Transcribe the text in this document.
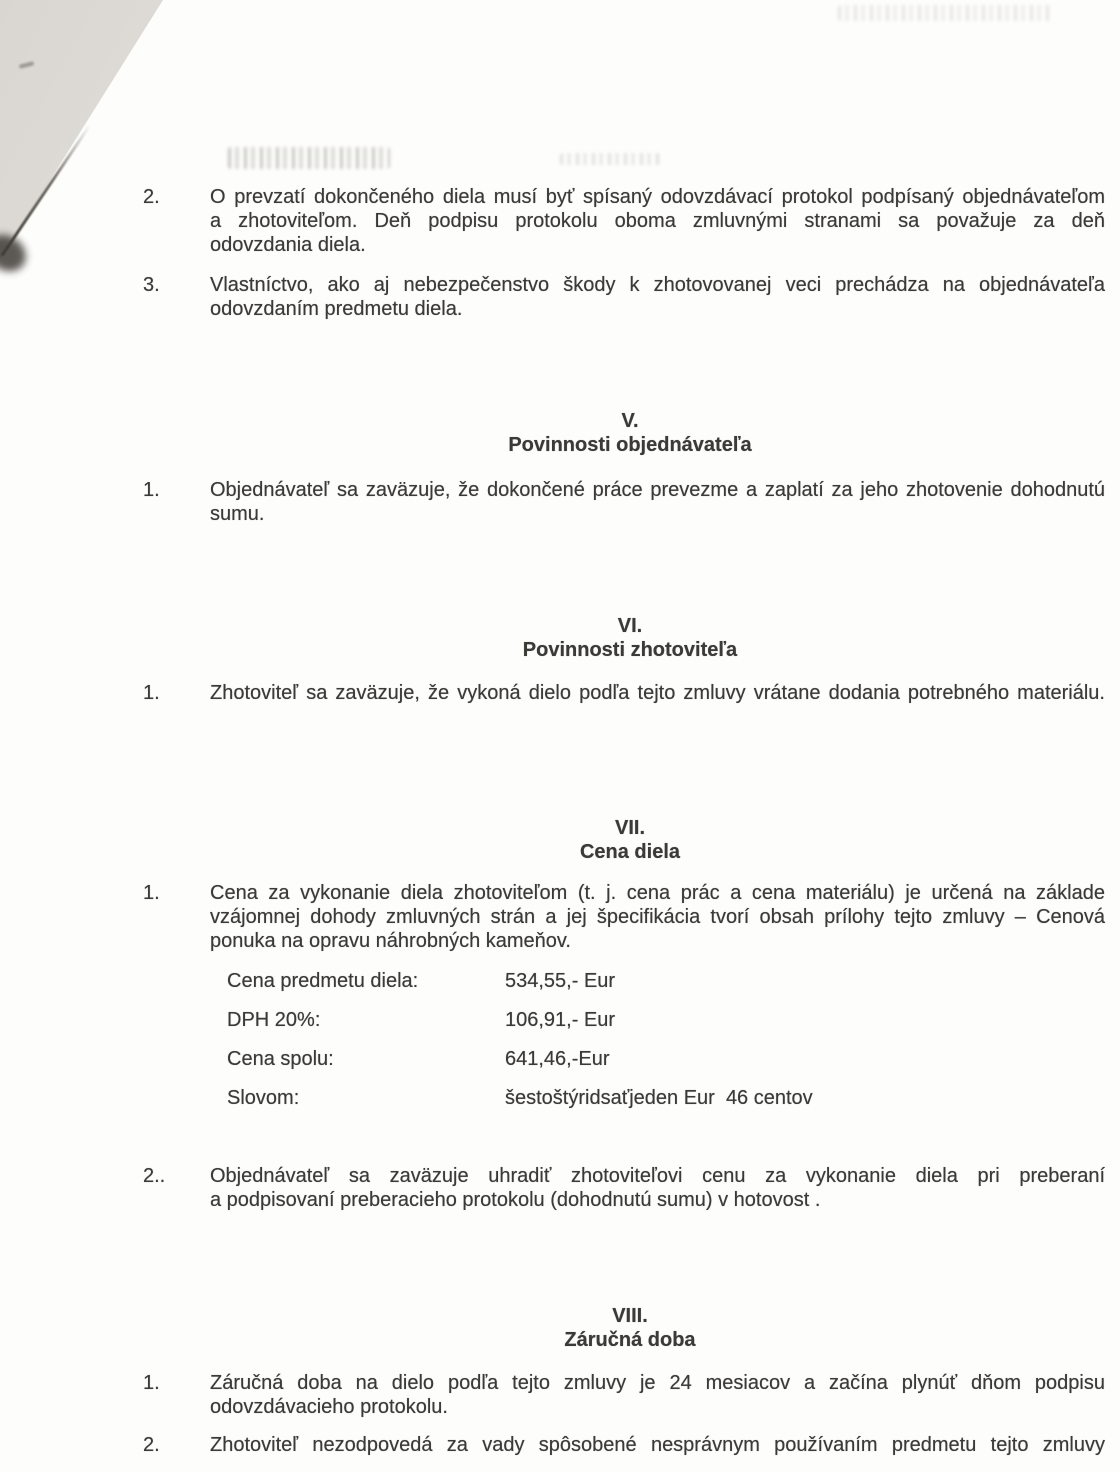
2.	O prevzatí dokončeného diela musí byť spísaný odovzdávací protokol podpísaný objednávateľom
a zhotoviteľom. Deň podpisu protokolu oboma zmluvnými stranami sa považuje za deň
odovzdania diela.
3.	Vlastníctvo, ako aj nebezpečenstvo škody k zhotovovanej veci prechádza na objednávateľa
odovzdaním predmetu diela.
V.
Povinnosti objednávateľa
1.	Objednávateľ sa zaväzuje, že dokončené práce prevezme a zaplatí za jeho zhotovenie dohodnutú
sumu.
VI.
Povinnosti zhotoviteľa
1.	Zhotoviteľ sa zaväzuje, že vykoná dielo podľa tejto zmluvy vrátane dodania potrebného materiálu.
VII.
Cena diela
1.	Cena za vykonanie diela zhotoviteľom (t. j. cena prác a cena materiálu) je určená na základe
vzájomnej dohody zmluvných strán a jej špecifikácia tvorí obsah prílohy tejto zmluvy – Cenová
ponuka na opravu náhrobných kameňov.
Cena predmetu diela:	534,55,- Eur
DPH 20%:	106,91,- Eur
Cena spolu:	641,46,-Eur
Slovom:	šestoštýridsaťjeden Eur  46 centov
2.. Objednávateľ sa zaväzuje uhradiť zhotoviteľovi cenu za vykonanie diela pri preberaní
a podpisovaní preberacieho protokolu (dohodnutú sumu) v hotovost .
VIII.
Záručná doba
1.	Záručná doba na dielo podľa tejto zmluvy je 24 mesiacov a začína plynúť dňom podpisu
odovzdávacieho protokolu.
2.	Zhotoviteľ nezodpovedá za vady spôsobené nesprávnym používaním predmetu tejto zmluvy
